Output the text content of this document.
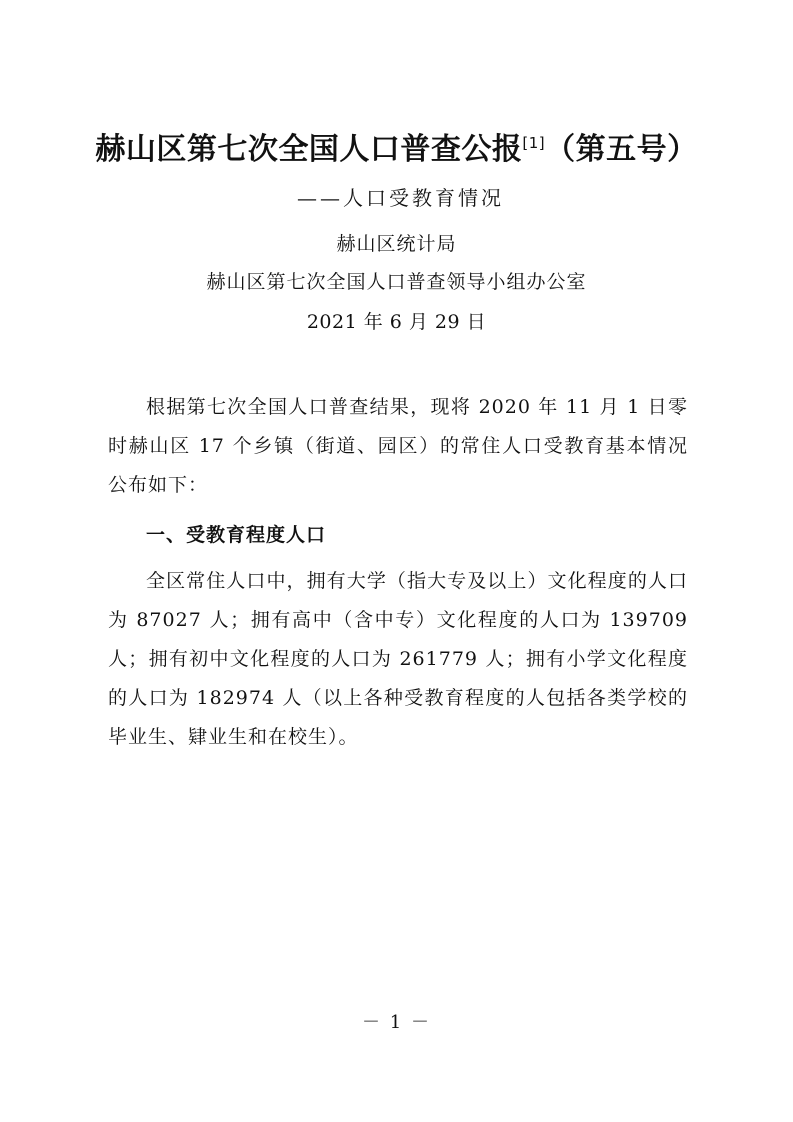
赫山区第七次全国人口普查公报[1]（第五号）
——人口受教育情况
赫山区统计局
赫山区第七次全国人口普查领导小组办公室
2021 年 6 月 29 日
根据第七次全国人口普查结果，现将 2020 年 11 月 1 日零时赫山区 17 个乡镇（街道、园区）的常住人口受教育基本情况公布如下：
一、受教育程度人口
全区常住人口中，拥有大学（指大专及以上）文化程度的人口为 87027 人；拥有高中（含中专）文化程度的人口为 139709 人；拥有初中文化程度的人口为 261779 人；拥有小学文化程度的人口为 182974 人（以上各种受教育程度的人包括各类学校的毕业生、肄业生和在校生）。
－ 1 －
